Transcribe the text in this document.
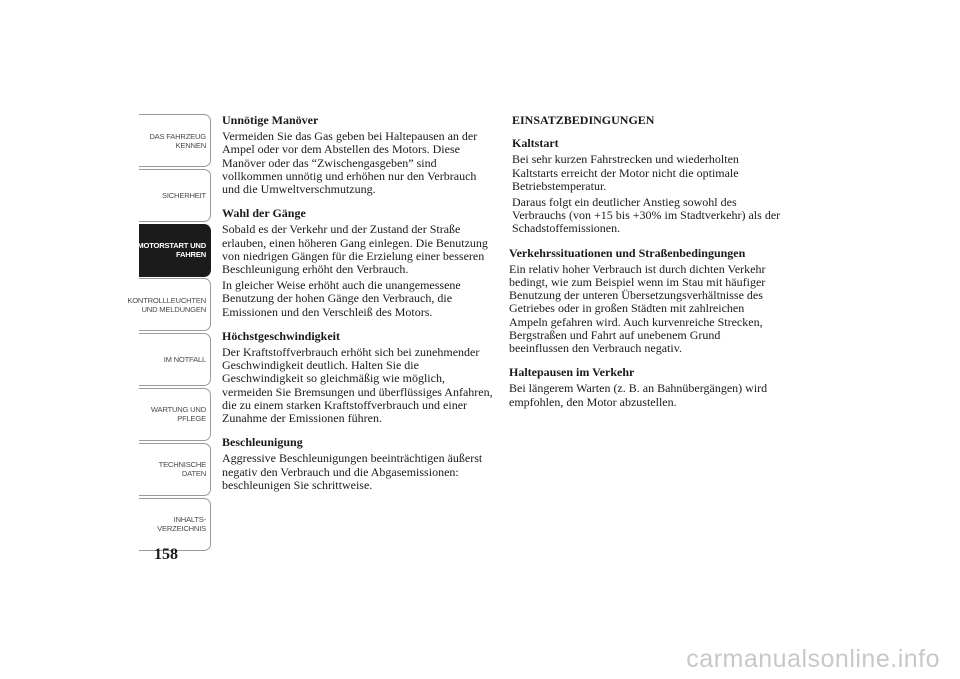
DAS FAHRZEUG
KENNEN
SICHERHEIT
MOTORSTART UND
FAHREN
KONTROLLLEUCHTEN
UND MELDUNGEN
IM NOTFALL
WARTUNG UND
PFLEGE
TECHNISCHE
DATEN
INHALTS-
VERZEICHNIS
158
Unnötige Manöver
Vermeiden Sie das Gas geben bei Haltepausen an der Ampel oder vor dem Abstellen des Motors. Diese Manöver oder das “Zwischengasgeben” sind vollkommen unnötig und erhöhen nur den Verbrauch und die Umweltverschmutzung.
Wahl der Gänge
Sobald es der Verkehr und der Zustand der Straße erlauben, einen höheren Gang einlegen. Die Benutzung von niedrigen Gängen für die Erzielung einer besseren Beschleunigung erhöht den Verbrauch.
In gleicher Weise erhöht auch die unangemessene Benutzung der hohen Gänge den Verbrauch, die Emissionen und den Verschleiß des Motors.
Höchstgeschwindigkeit
Der Kraftstoffverbrauch erhöht sich bei zunehmender Geschwindigkeit deutlich. Halten Sie die Geschwindigkeit so gleichmäßig wie möglich, vermeiden Sie Bremsungen und überflüssiges Anfahren, die zu einem starken Kraftstoffverbrauch und einer Zunahme der Emissionen führen.
Beschleunigung
Aggressive Beschleunigungen beeinträchtigen äußerst negativ den Verbrauch und die Abgasemissionen: beschleunigen Sie schrittweise.
EINSATZBEDINGUNGEN
Kaltstart
Bei sehr kurzen Fahrstrecken und wiederholten Kaltstarts erreicht der Motor nicht die optimale Betriebstemperatur.
Daraus folgt ein deutlicher Anstieg sowohl des Verbrauchs (von +15 bis +30% im Stadtverkehr) als der Schadstoffemissionen.
Verkehrssituationen und Straßenbedingungen
Ein relativ hoher Verbrauch ist durch dichten Verkehr bedingt, wie zum Beispiel wenn im Stau mit häufiger Benutzung der unteren Übersetzungsverhältnisse des Getriebes oder in großen Städten mit zahlreichen Ampeln gefahren wird. Auch kurvenreiche Strecken, Bergstraßen und Fahrt auf unebenem Grund beeinflussen den Verbrauch negativ.
Haltepausen im Verkehr
Bei längerem Warten (z. B. an Bahnübergängen) wird empfohlen, den Motor abzustellen.
carmanualsonline.info
